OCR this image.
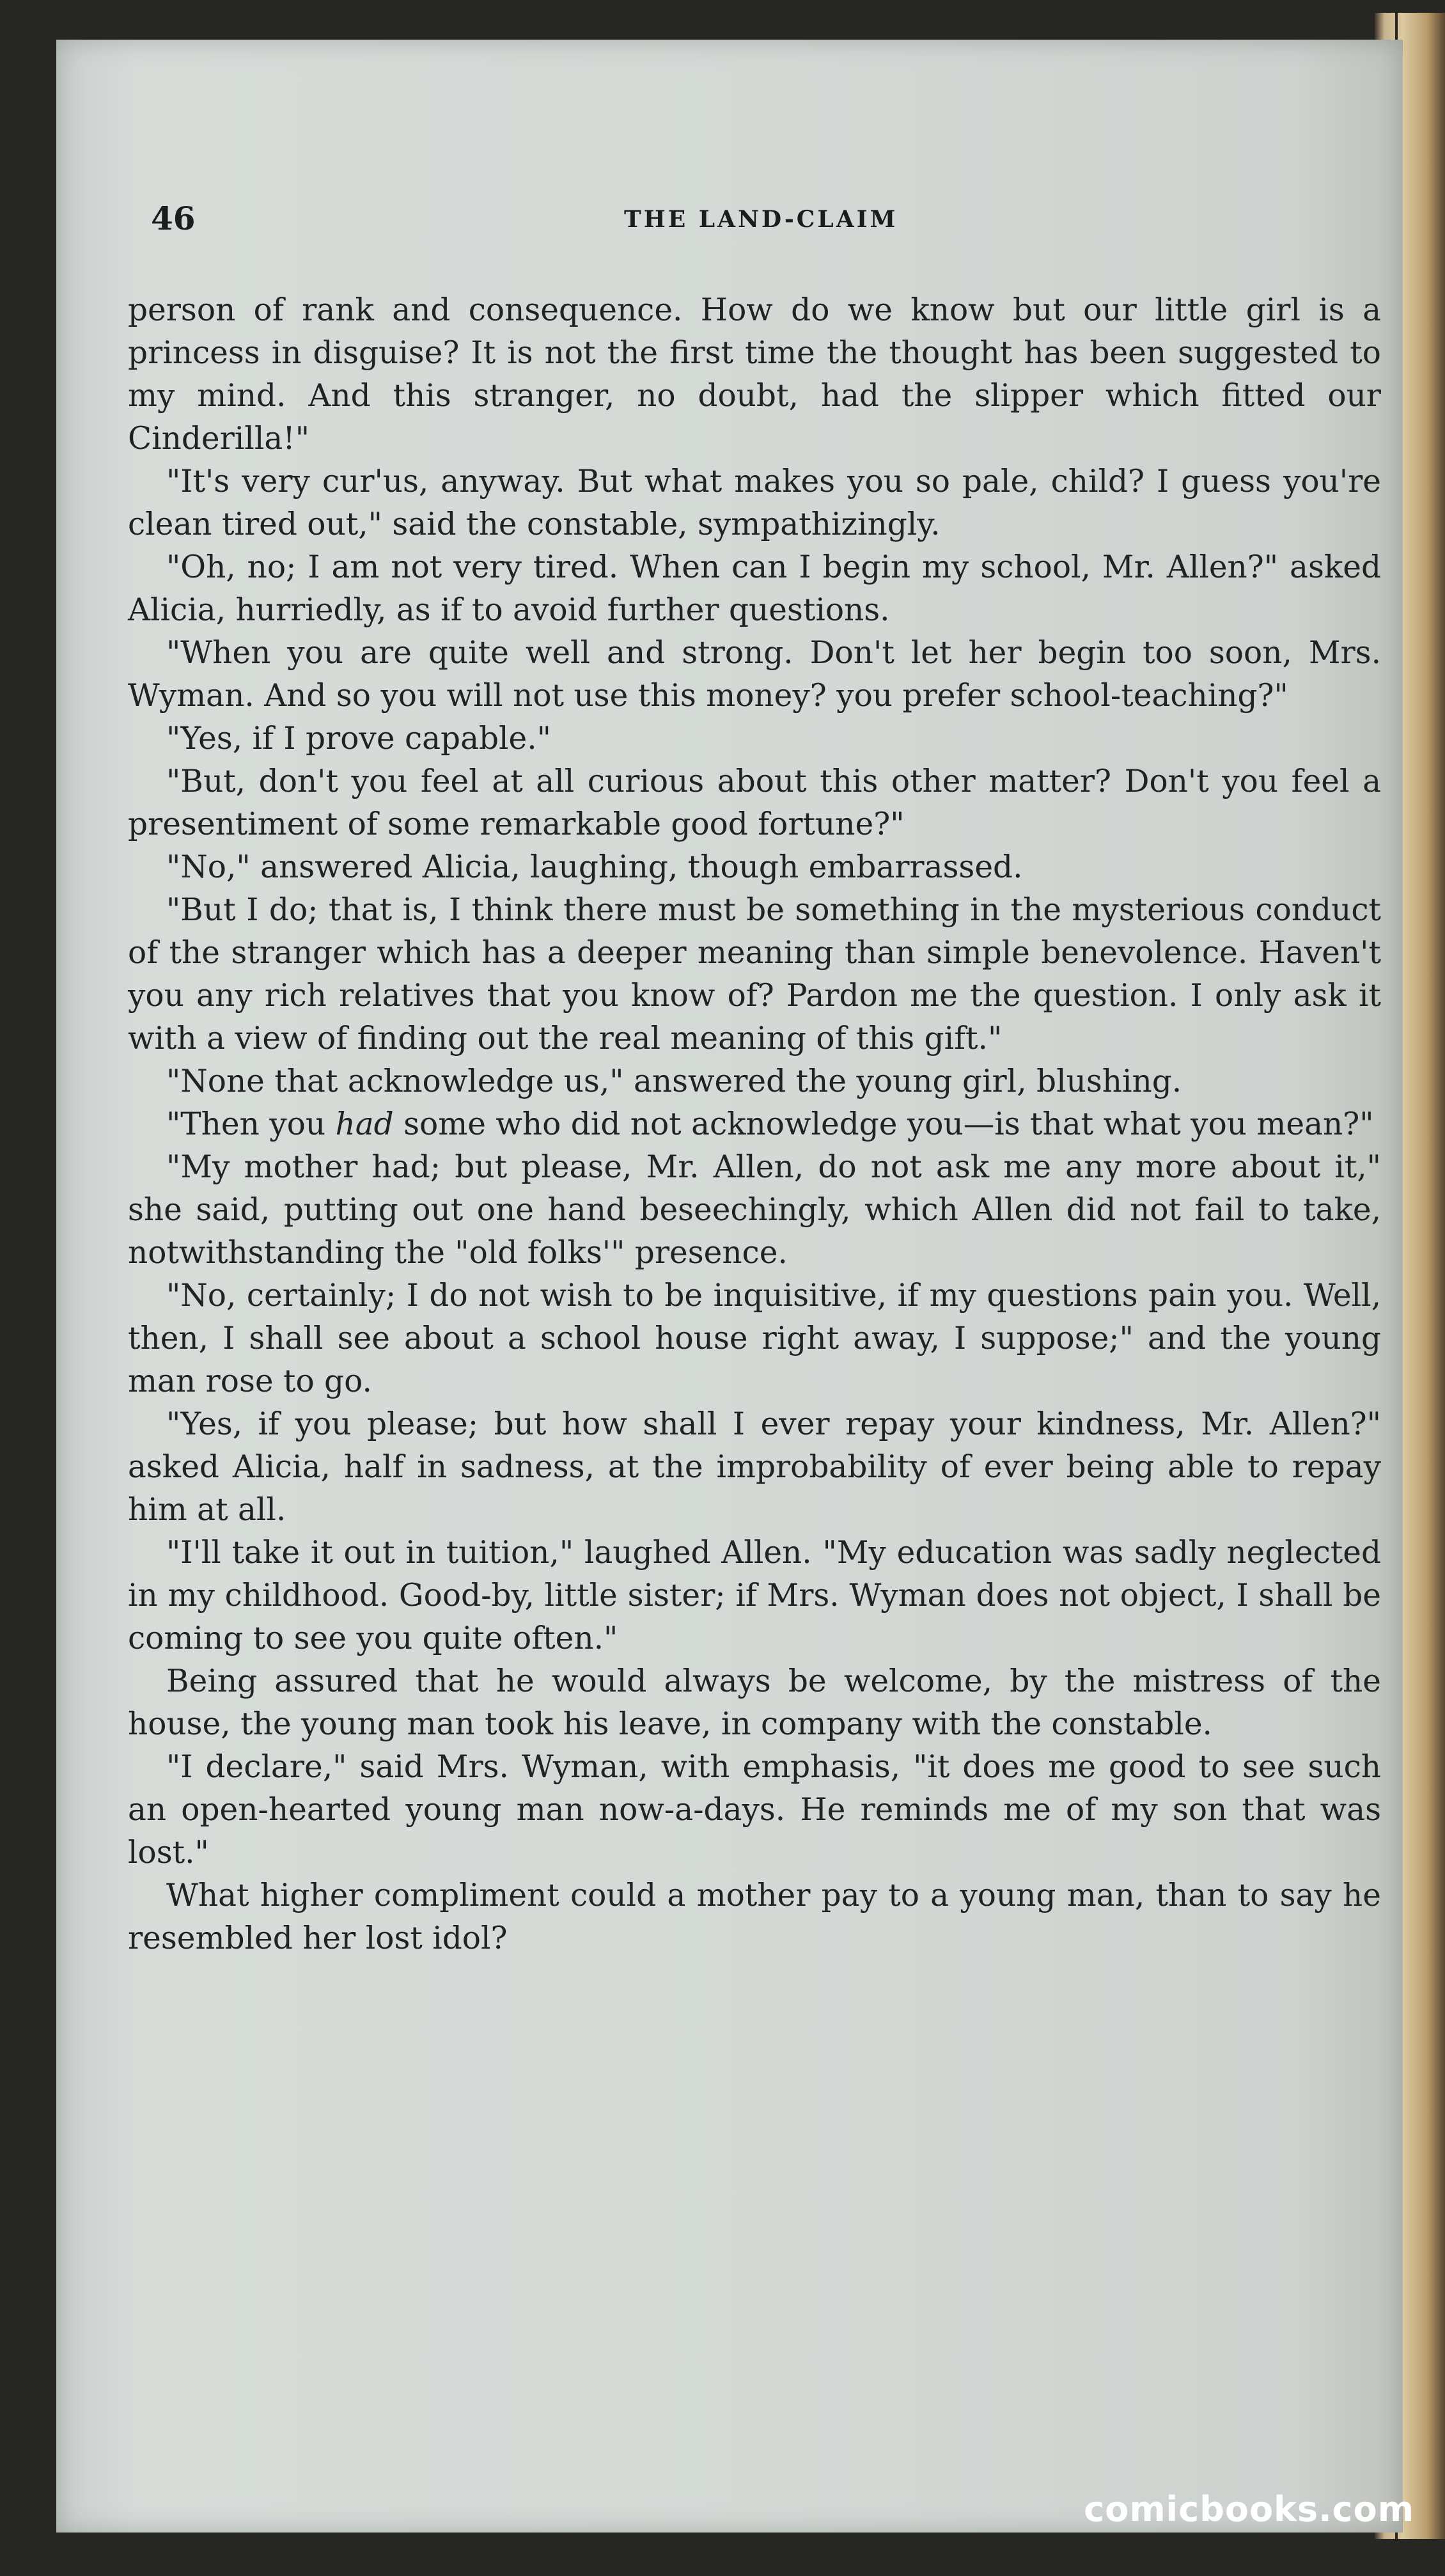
46	THE LAND-CLAIM

person of rank and consequence. How do we know but our little girl is a princess in disguise? It is not the first time the thought has been suggested to my mind. And this stranger, no doubt, had the slipper which fitted our Cinderilla!"

"It's very cur'us, anyway. But what makes you so pale, child? I guess you're clean tired out," said the constable, sympathizingly.

"Oh, no; I am not very tired. When can I begin my school, Mr. Allen?" asked Alicia, hurriedly, as if to avoid further questions.

"When you are quite well and strong. Don't let her begin too soon, Mrs. Wyman. And so you will not use this money? you prefer school-teaching?"

"Yes, if I prove capable."

"But, don't you feel at all curious about this other matter? Don't you feel a presentiment of some remarkable good fortune?"

"No," answered Alicia, laughing, though embarrassed.

"But I do; that is, I think there must be something in the mysterious conduct of the stranger which has a deeper meaning than simple benevolence. Haven't you any rich relatives that you know of? Pardon me the question. I only ask it with a view of finding out the real meaning of this gift."

"None that acknowledge us," answered the young girl, blushing.

"Then you had some who did not acknowledge you—is that what you mean?"

"My mother had; but please, Mr. Allen, do not ask me any more about it," she said, putting out one hand beseechingly, which Allen did not fail to take, notwithstanding the "old folks'" presence.

"No, certainly; I do not wish to be inquisitive, if my questions pain you. Well, then, I shall see about a school house right away, I suppose;" and the young man rose to go.

"Yes, if you please; but how shall I ever repay your kindness, Mr. Allen?" asked Alicia, half in sadness, at the improbability of ever being able to repay him at all.

"I'll take it out in tuition," laughed Allen. "My education was sadly neglected in my childhood. Good-by, little sister; if Mrs. Wyman does not object, I shall be coming to see you quite often."

Being assured that he would always be welcome, by the mistress of the house, the young man took his leave, in company with the constable.

"I declare," said Mrs. Wyman, with emphasis, "it does me good to see such an open-hearted young man now-a-days. He reminds me of my son that was lost."

What higher compliment could a mother pay to a young man, than to say he resembled her lost idol?

comicbooks.com
